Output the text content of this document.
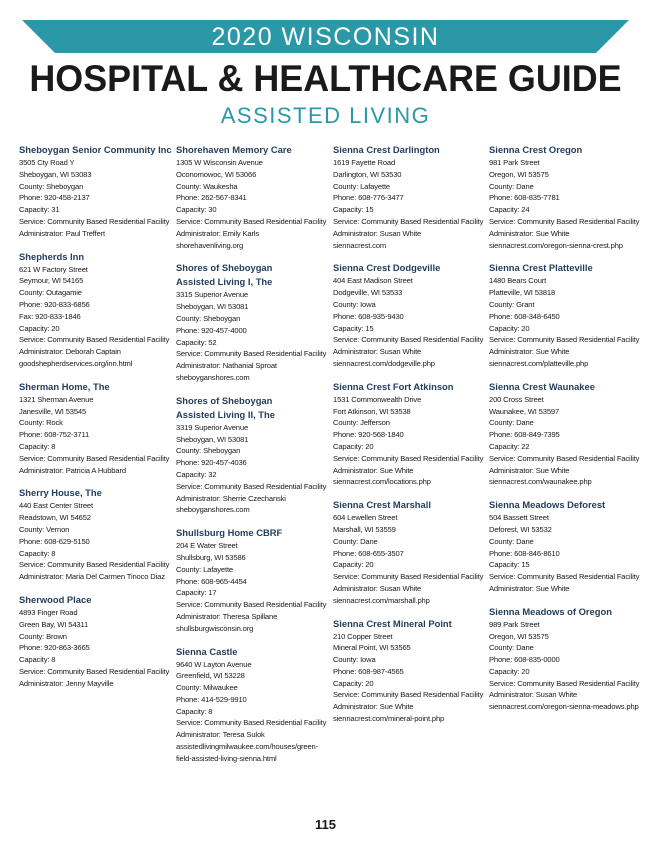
2020 WISCONSIN
HOSPITAL & HEALTHCARE GUIDE
ASSISTED LIVING
Sheboygan Senior Community Inc
3505 Cty Road Y
Sheboygan, WI 53083
County: Sheboygan
Phone: 920-458-2137
Capacity: 31
Service: Community Based Residential Facility
Administrator: Paul Treffert
Shepherds Inn
621 W Factory Street
Seymour, WI 54165
County: Outagamie
Phone: 920-833-6856
Fax: 920-833-1846
Capacity: 20
Service: Community Based Residential Facility
Administrator: Deborah Captain
goodshepherdservices.org/inn.html
Sherman Home, The
1321 Sherman Avenue
Janesville, WI 53545
County: Rock
Phone: 608-752-3711
Capacity: 8
Service: Community Based Residential Facility
Administrator: Patricia A Hubbard
Sherry House, The
440 East Center Street
Readstown, WI 54652
County: Vernon
Phone: 608-629-5150
Capacity: 8
Service: Community Based Residential Facility
Administrator: Maria Del Carmen Tinoco Diaz
Sherwood Place
4893 Finger Road
Green Bay, WI 54311
County: Brown
Phone: 920-863-3665
Capacity: 8
Service: Community Based Residential Facility
Administrator: Jenny Mayville
Shorehaven Memory Care
1305 W Wisconsin Avenue
Oconomowoc, WI 53066
County: Waukesha
Phone: 262-567-8341
Capacity: 30
Service: Community Based Residential Facility
Administrator: Emily Karls
shorehavenliving.org
Shores of Sheboygan
Assisted Living I, The
3315 Superior Avenue
Sheboygan, WI 53081
County: Sheboygan
Phone: 920-457-4000
Capacity: 52
Service: Community Based Residential Facility
Administrator: Nathanial Sproat
sheboyganshores.com
Shores of Sheboygan
Assisted Living II, The
3319 Superior Avenue
Sheboygan, WI 53081
County: Sheboygan
Phone: 920-457-4036
Capacity: 32
Service: Community Based Residential Facility
Administrator: Sherrie Czechanski
sheboyganshores.com
Shullsburg Home CBRF
204 E Water Street
Shullsburg, WI 53586
County: Lafayette
Phone: 608-965-4454
Capacity: 17
Service: Community Based Residential Facility
Administrator: Theresa Spillane
shullsburgwisconsin.org
Sienna Castle
9640 W Layton Avenue
Greenfield, WI 53228
County: Milwaukee
Phone: 414-529-9910
Capacity: 8
Service: Community Based Residential Facility
Administrator: Teresa Sulok
assistedlivingmilwaukee.com/houses/green-
field-assisted-living-sienna.html
Sienna Crest Darlington
1619 Fayette Road
Darlington, WI 53530
County: Lafayette
Phone: 608-776-3477
Capacity: 15
Service: Community Based Residential Facility
Administrator: Susan White
siennacrest.com
Sienna Crest Dodgeville
404 East Madison Street
Dodgeville, WI 53533
County: Iowa
Phone: 608-935-9430
Capacity: 15
Service: Community Based Residential Facility
Administrator: Susan White
siennacrest.com/dodgeville.php
Sienna Crest Fort Atkinson
1531 Commonwealth Drive
Fort Atkinson, WI 53538
County: Jefferson
Phone: 920-568-1840
Capacity: 20
Service: Community Based Residential Facility
Administrator: Sue White
siennacrest.com/locations.php
Sienna Crest Marshall
604 Lewellen Street
Marshall, WI 53559
County: Dane
Phone: 608-655-3507
Capacity: 20
Service: Community Based Residential Facility
Administrator: Susan White
siennacrest.com/marshall.php
Sienna Crest Mineral Point
210 Copper Street
Mineral Point, WI 53565
County: Iowa
Phone: 608-987-4565
Capacity: 20
Service: Community Based Residential Facility
Administrator: Sue White
siennacrest.com/mineral-point.php
Sienna Crest Oregon
981 Park Street
Oregon, WI 53575
County: Dane
Phone: 608-835-7781
Capacity: 24
Service: Community Based Residential Facility
Administrator: Sue White
siennacrest.com/oregon-sienna-crest.php
Sienna Crest Platteville
1480 Bears Court
Platteville, WI 53818
County: Grant
Phone: 608-348-6450
Capacity: 20
Service: Community Based Residential Facility
Administrator: Sue White
siennacrest.com/platteville.php
Sienna Crest Waunakee
200 Cross Street
Waunakee, WI 53597
County: Dane
Phone: 608-849-7395
Capacity: 22
Service: Community Based Residential Facility
Administrator: Sue White
siennacrest.com/waunakee.php
Sienna Meadows Deforest
504 Bassett Street
Deforest, WI 53532
County: Dane
Phone: 608-846-8610
Capacity: 15
Service: Community Based Residential Facility
Administrator: Sue White
Sienna Meadows of Oregon
989 Park Street
Oregon, WI 53575
County: Dane
Phone: 608-835-0000
Capacity: 20
Service: Community Based Residential Facility
Administrator: Susan White
siennacrest.com/oregon-sienna-meadows.php
115
